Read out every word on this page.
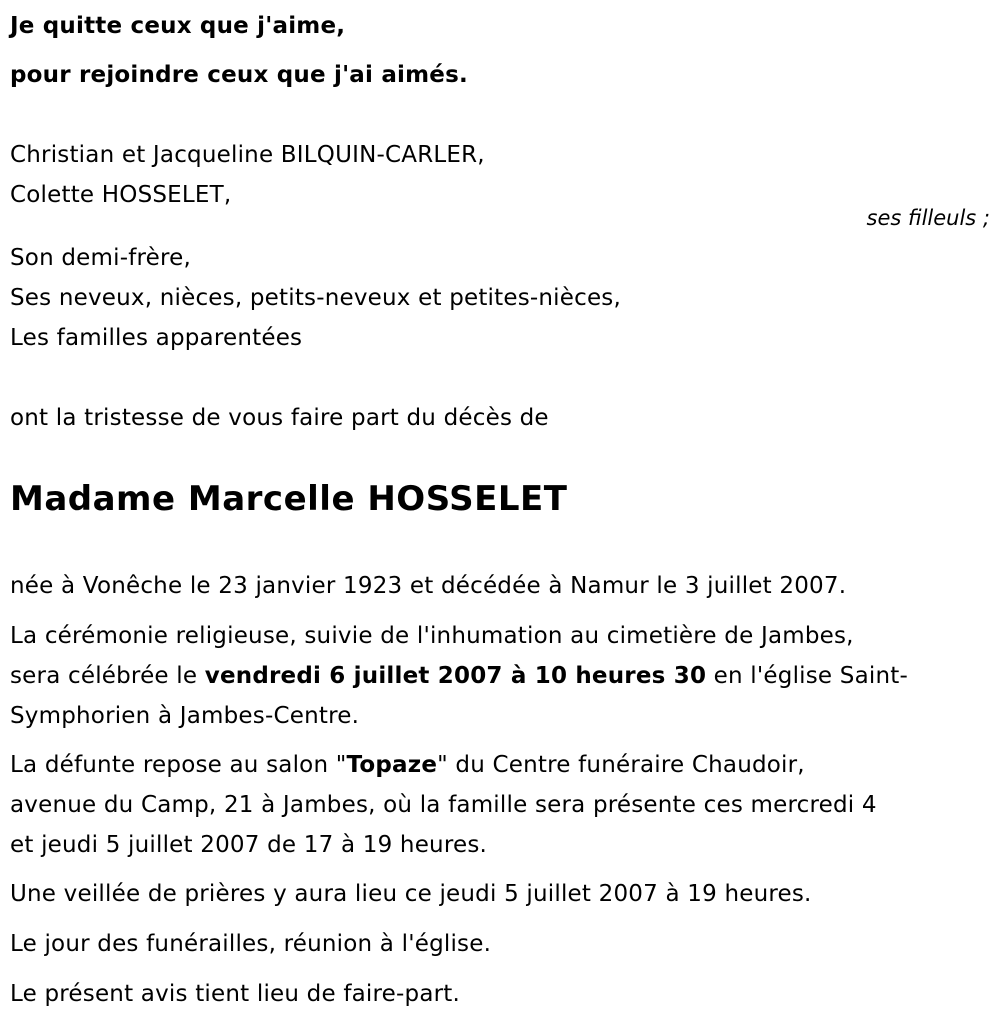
Je quitte ceux que j'aime,
pour rejoindre ceux que j'ai aimés.
Christian et Jacqueline BILQUIN-CARLER,
Colette HOSSELET,
ses filleuls ;
Son demi-frère,
Ses neveux, nièces, petits-neveux et petites-nièces,
Les familles apparentées
ont la tristesse de vous faire part du décès de
Madame Marcelle HOSSELET
née à Vonêche le 23 janvier 1923 et décédée à Namur le 3 juillet 2007.
La cérémonie religieuse, suivie de l'inhumation au cimetière de Jambes,
sera célébrée le vendredi 6 juillet 2007 à 10 heures 30 en l'église Saint-
Symphorien à Jambes-Centre.
La défunte repose au salon "Topaze" du Centre funéraire Chaudoir,
avenue du Camp, 21 à Jambes, où la famille sera présente ces mercredi 4
et jeudi 5 juillet 2007 de 17 à 19 heures.
Une veillée de prières y aura lieu ce jeudi 5 juillet 2007 à 19 heures.
Le jour des funérailles, réunion à l'église.
Le présent avis tient lieu de faire-part.
